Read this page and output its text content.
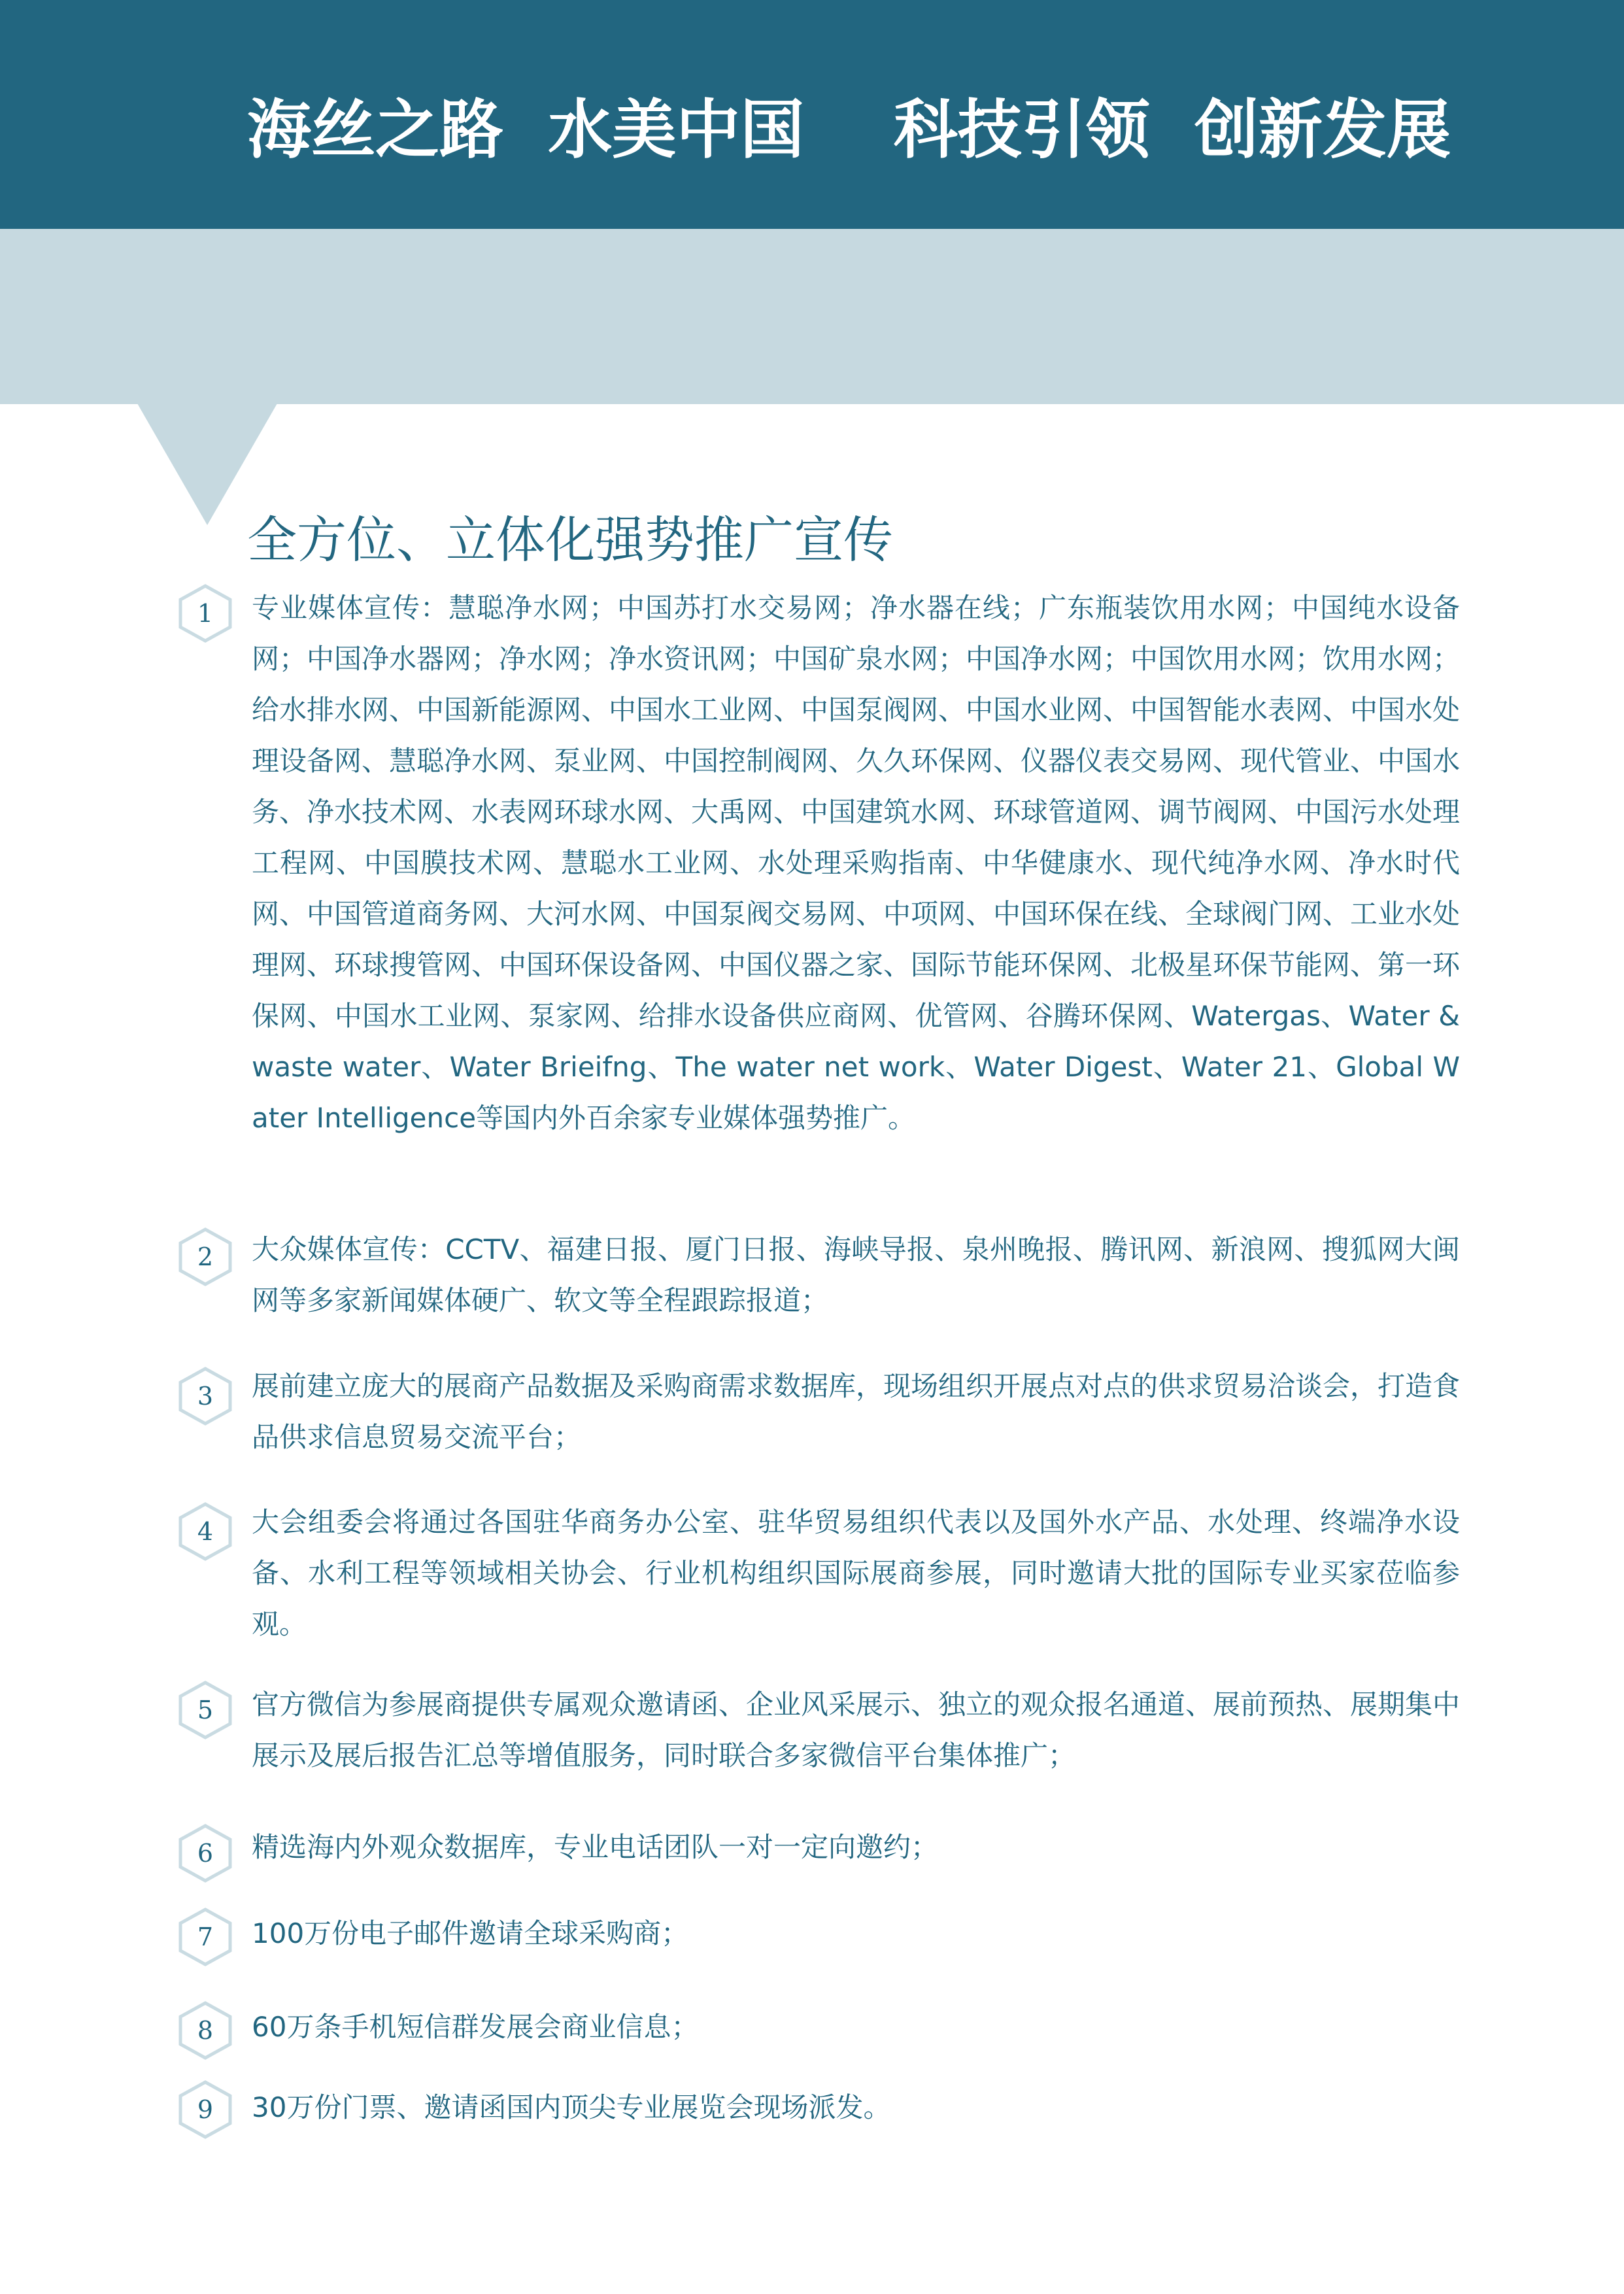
海丝之路  水美中国    科技引领  创新发展
全方位、立体化强势推广宣传
1	专业媒体宣传：慧聪净水网；中国苏打水交易网；净水器在线；广东瓶装饮用水网；中国纯水设备网；中国净水器网；净水网；净水资讯网；中国矿泉水网；中国净水网；中国饮用水网；饮用水网；给水排水网、中国新能源网、中国水工业网、中国泵阀网、中国水业网、中国智能水表网、中国水处理设备网、慧聪净水网、泵业网、中国控制阀网、久久环保网、仪器仪表交易网、现代管业、中国水务、净水技术网、水表网环球水网、大禹网、中国建筑水网、环球管道网、调节阀网、中国污水处理工程网、中国膜技术网、慧聪水工业网、水处理采购指南、中华健康水、现代纯净水网、净水时代网、中国管道商务网、大河水网、中国泵阀交易网、中项网、中国环保在线、全球阀门网、工业水处理网、环球搜管网、中国环保设备网、中国仪器之家、国际节能环保网、北极星环保节能网、第一环保网、中国水工业网、泵家网、给排水设备供应商网、优管网、谷腾环保网、Watergas、Water & waste water、Water Brieifng、The water net work、Water Digest、Water 21、Global Water Intelligence等国内外百余家专业媒体强势推广。

2	大众媒体宣传：CCTV、福建日报、厦门日报、海峡导报、泉州晚报、腾讯网、新浪网、搜狐网大闽网等多家新闻媒体硬广、软文等全程跟踪报道；

3	展前建立庞大的展商产品数据及采购商需求数据库，现场组织开展点对点的供求贸易洽谈会，打造食品供求信息贸易交流平台；

4	大会组委会将通过各国驻华商务办公室、驻华贸易组织代表以及国外水产品、水处理、终端净水设备、水利工程等领域相关协会、行业机构组织国际展商参展，同时邀请大批的国际专业买家莅临参观。

5	官方微信为参展商提供专属观众邀请函、企业风采展示、独立的观众报名通道、展前预热、展期集中展示及展后报告汇总等增值服务，同时联合多家微信平台集体推广；

6	精选海内外观众数据库，专业电话团队一对一定向邀约；

7	100万份电子邮件邀请全球采购商；

8	60万条手机短信群发展会商业信息；

9	30万份门票、邀请函国内顶尖专业展览会现场派发。
